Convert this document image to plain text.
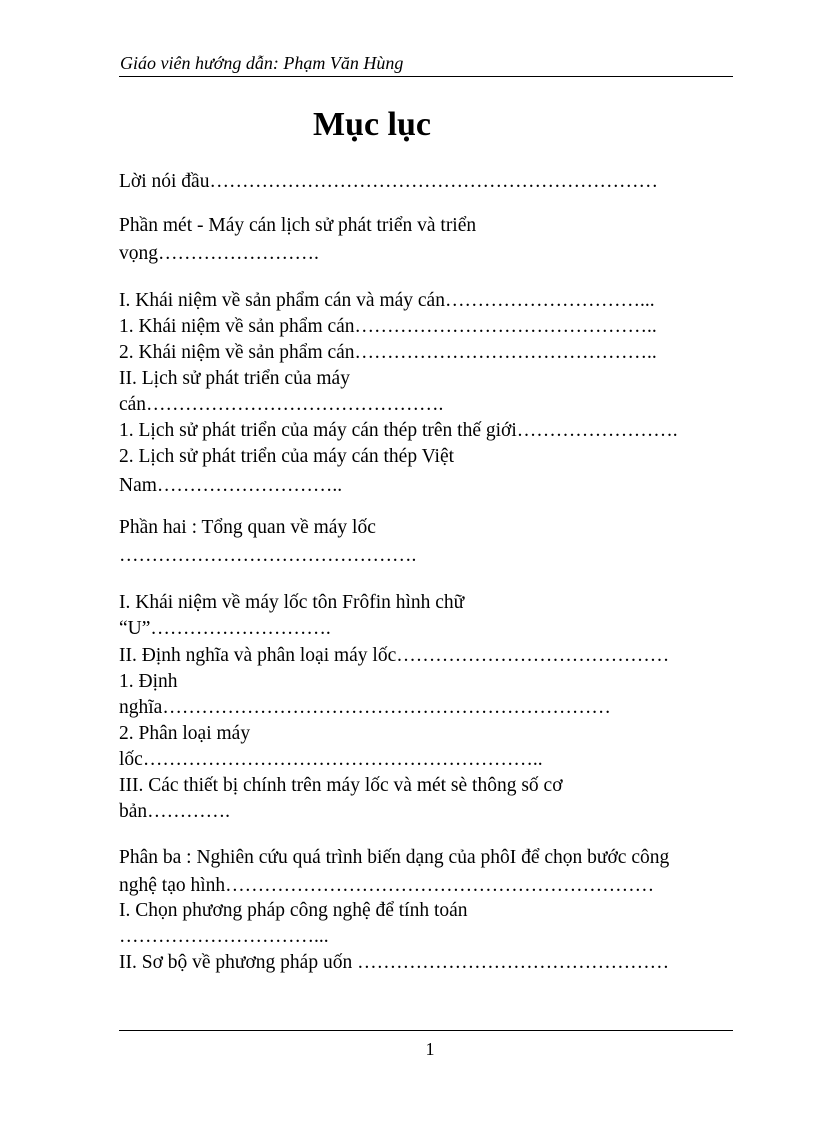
Giáo viên hướng dẫn: Phạm Văn Hùng
Mục lục
Lời nói đầu……………………………………………………………
Phần mét - Máy cán lịch sử phát triển và triển
vọng…………………….
I. Khái niệm về sản phẩm cán và máy cán…………………………...
1. Khái niệm về sản phẩm cán………………………………………..
2. Khái niệm về sản phẩm cán………………………………………..
II. Lịch sử phát triển của máy
cán……………………………………….
1. Lịch sử phát triển của máy cán thép trên thế giới…………………….
2. Lịch sử phát triển của máy cán thép Việt
Nam………………………..
Phần hai : Tổng quan về máy lốc
……………………………………….
I. Khái niệm về máy lốc tôn Frôfin hình chữ
“U”……………………….
II. Định nghĩa và phân loại máy lốc……………………………………
1. Định
nghĩa……………………………………………………………
2. Phân loại máy
lốc……………………………………………………..
III. Các thiết bị chính trên máy lốc và mét sè thông số cơ
bản………….
Phân ba : Nghiên cứu quá trình biến dạng của phôI để chọn bước công
nghệ tạo hình…………………………………………………………
I. Chọn phương pháp công nghệ để tính toán
…………………………...
II. Sơ bộ về phương pháp uốn …………………………………………
1
